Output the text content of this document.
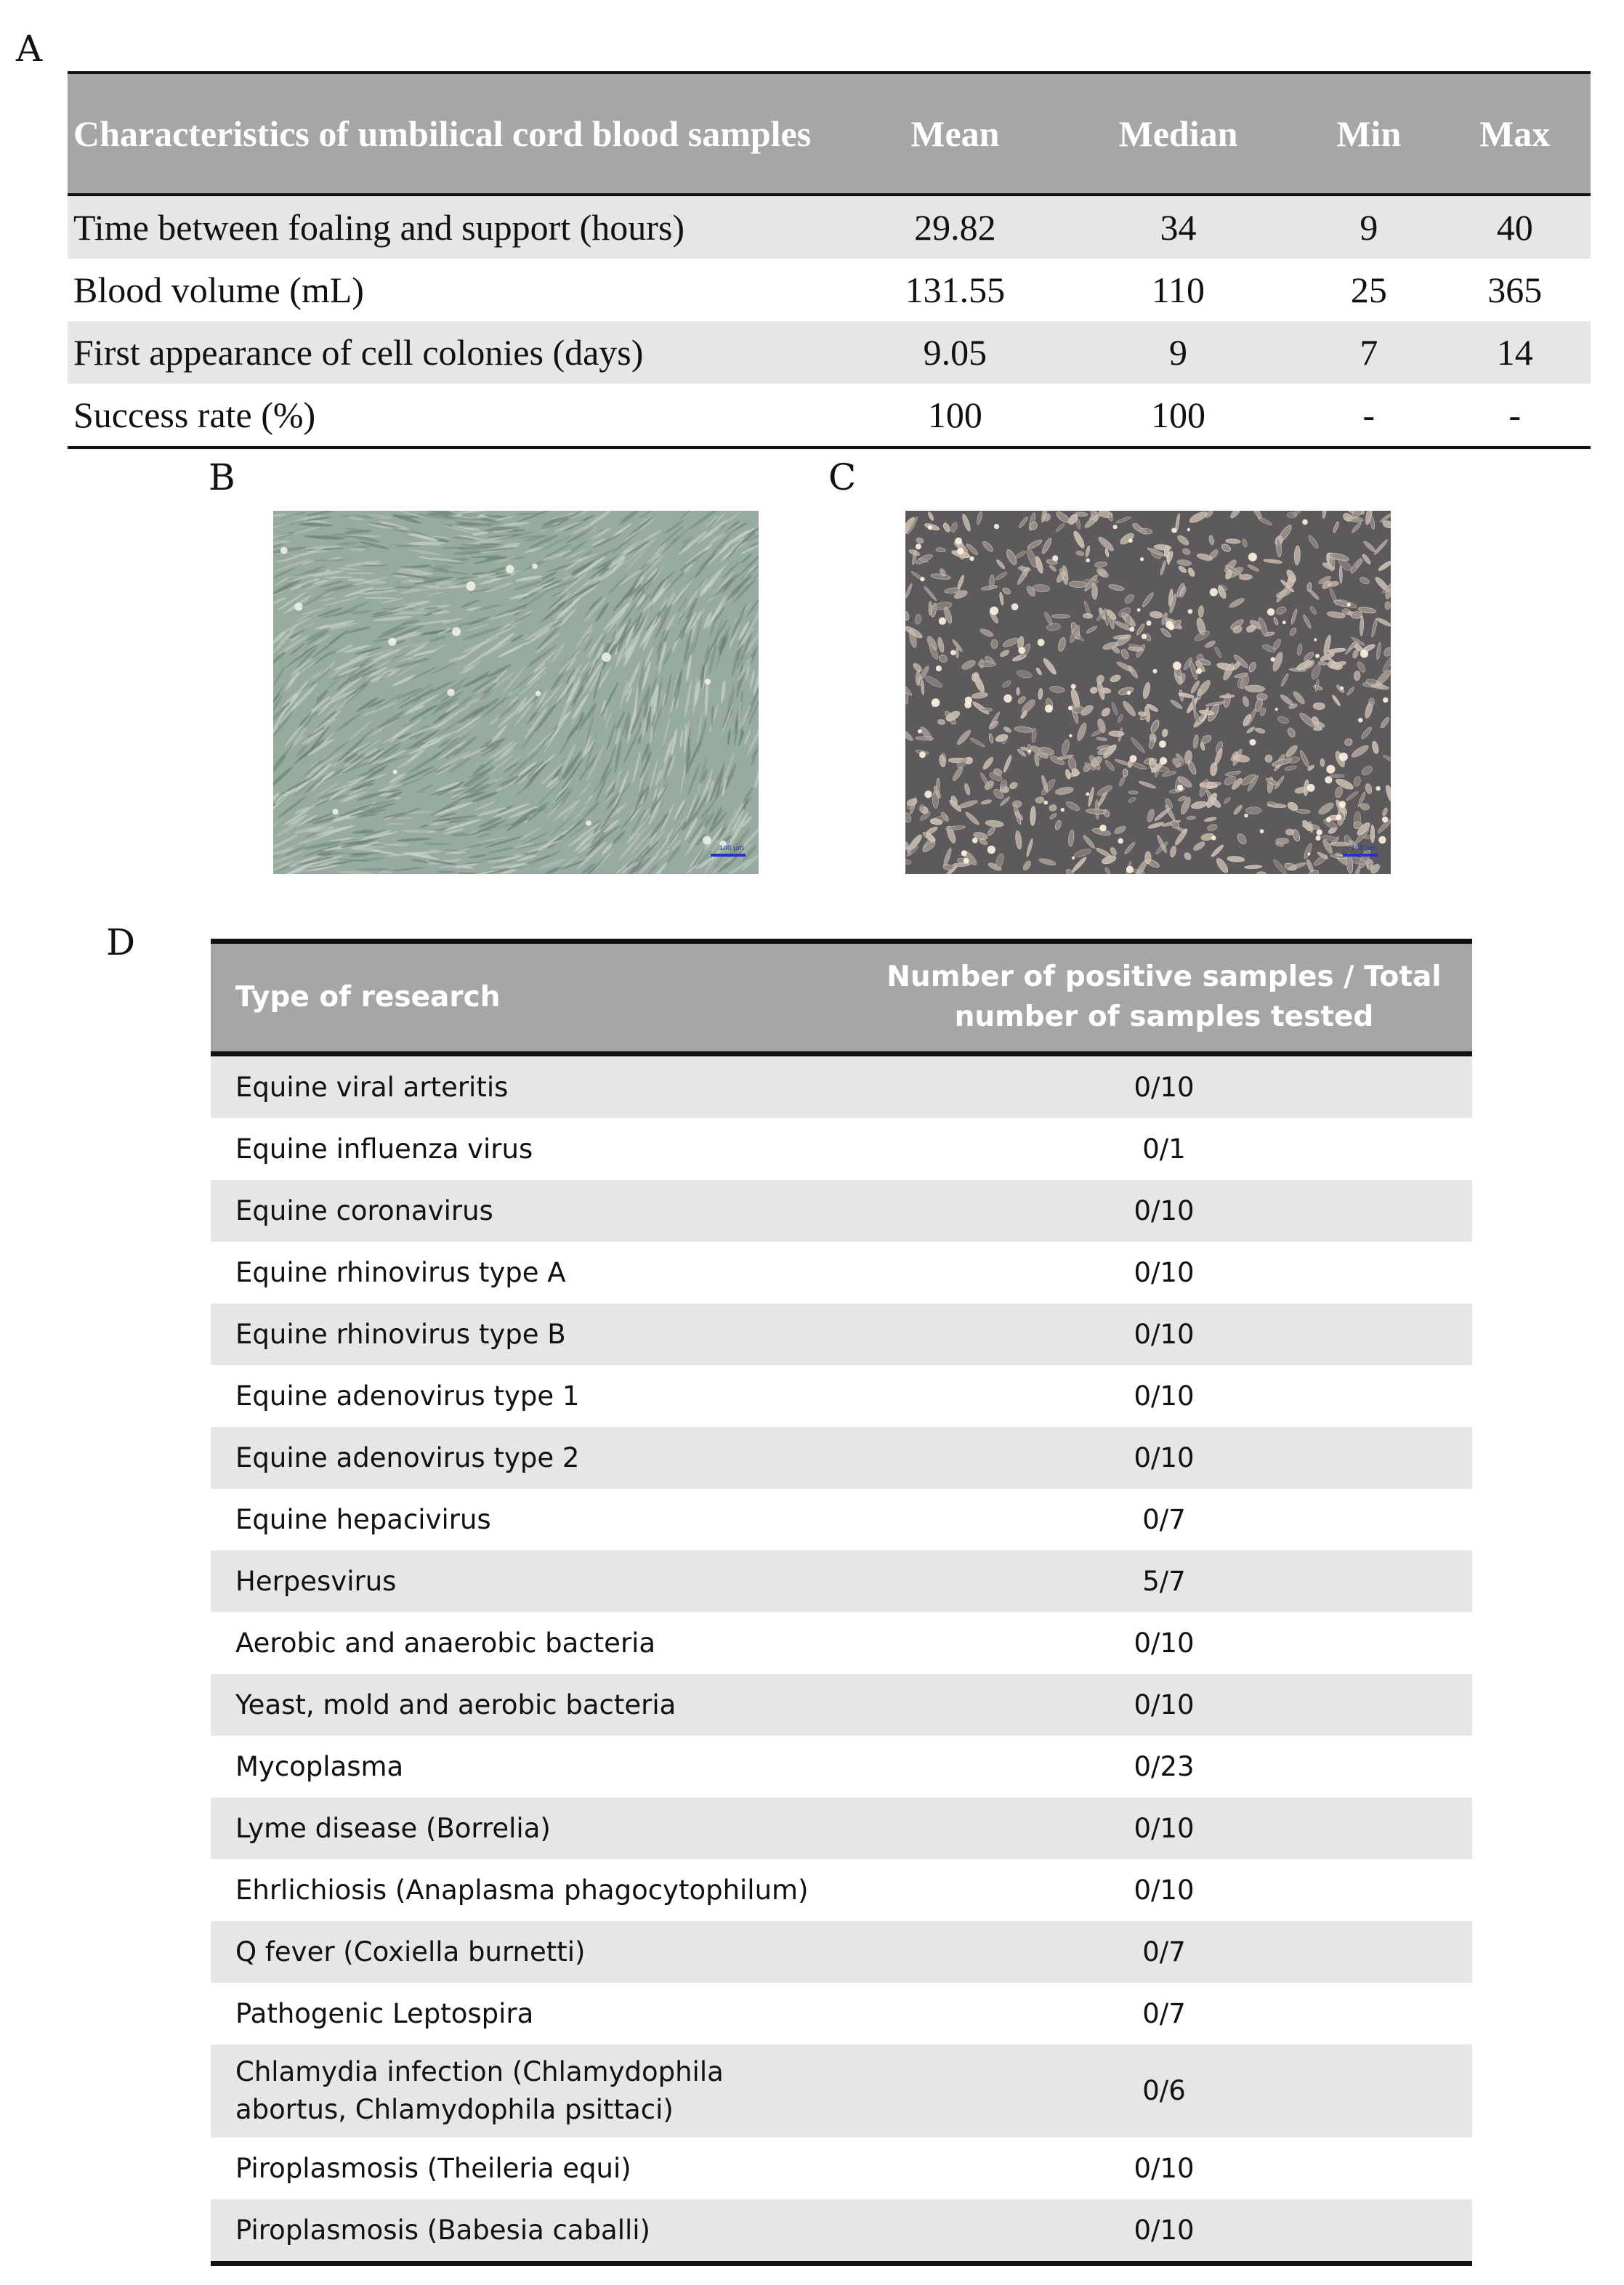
A
Characteristics of umbilical cord blood samples	Mean	Median	Min	Max
Time between foaling and support (hours)	29.82	34	9	40
Blood volume (mL)	131.55	110	25	365
First appearance of cell colonies (days)	9.05	9	7	14
Success rate (%)	100	100	-	-
B	C
100 µm	100 µm
D
Type of research	Number of positive samples / Total number of samples tested
Equine viral arteritis	0/10
Equine influenza virus	0/1
Equine coronavirus	0/10
Equine rhinovirus type A	0/10
Equine rhinovirus type B	0/10
Equine adenovirus type 1	0/10
Equine adenovirus type 2	0/10
Equine hepacivirus	0/7
Herpesvirus	5/7
Aerobic and anaerobic bacteria	0/10
Yeast, mold and aerobic bacteria	0/10
Mycoplasma	0/23
Lyme disease (Borrelia)	0/10
Ehrlichiosis (Anaplasma phagocytophilum)	0/10
Q fever (Coxiella burnetti)	0/7
Pathogenic Leptospira	0/7
Chlamydia infection (Chlamydophila abortus, Chlamydophila psittaci)	0/6
Piroplasmosis (Theileria equi)	0/10
Piroplasmosis (Babesia caballi)	0/10
